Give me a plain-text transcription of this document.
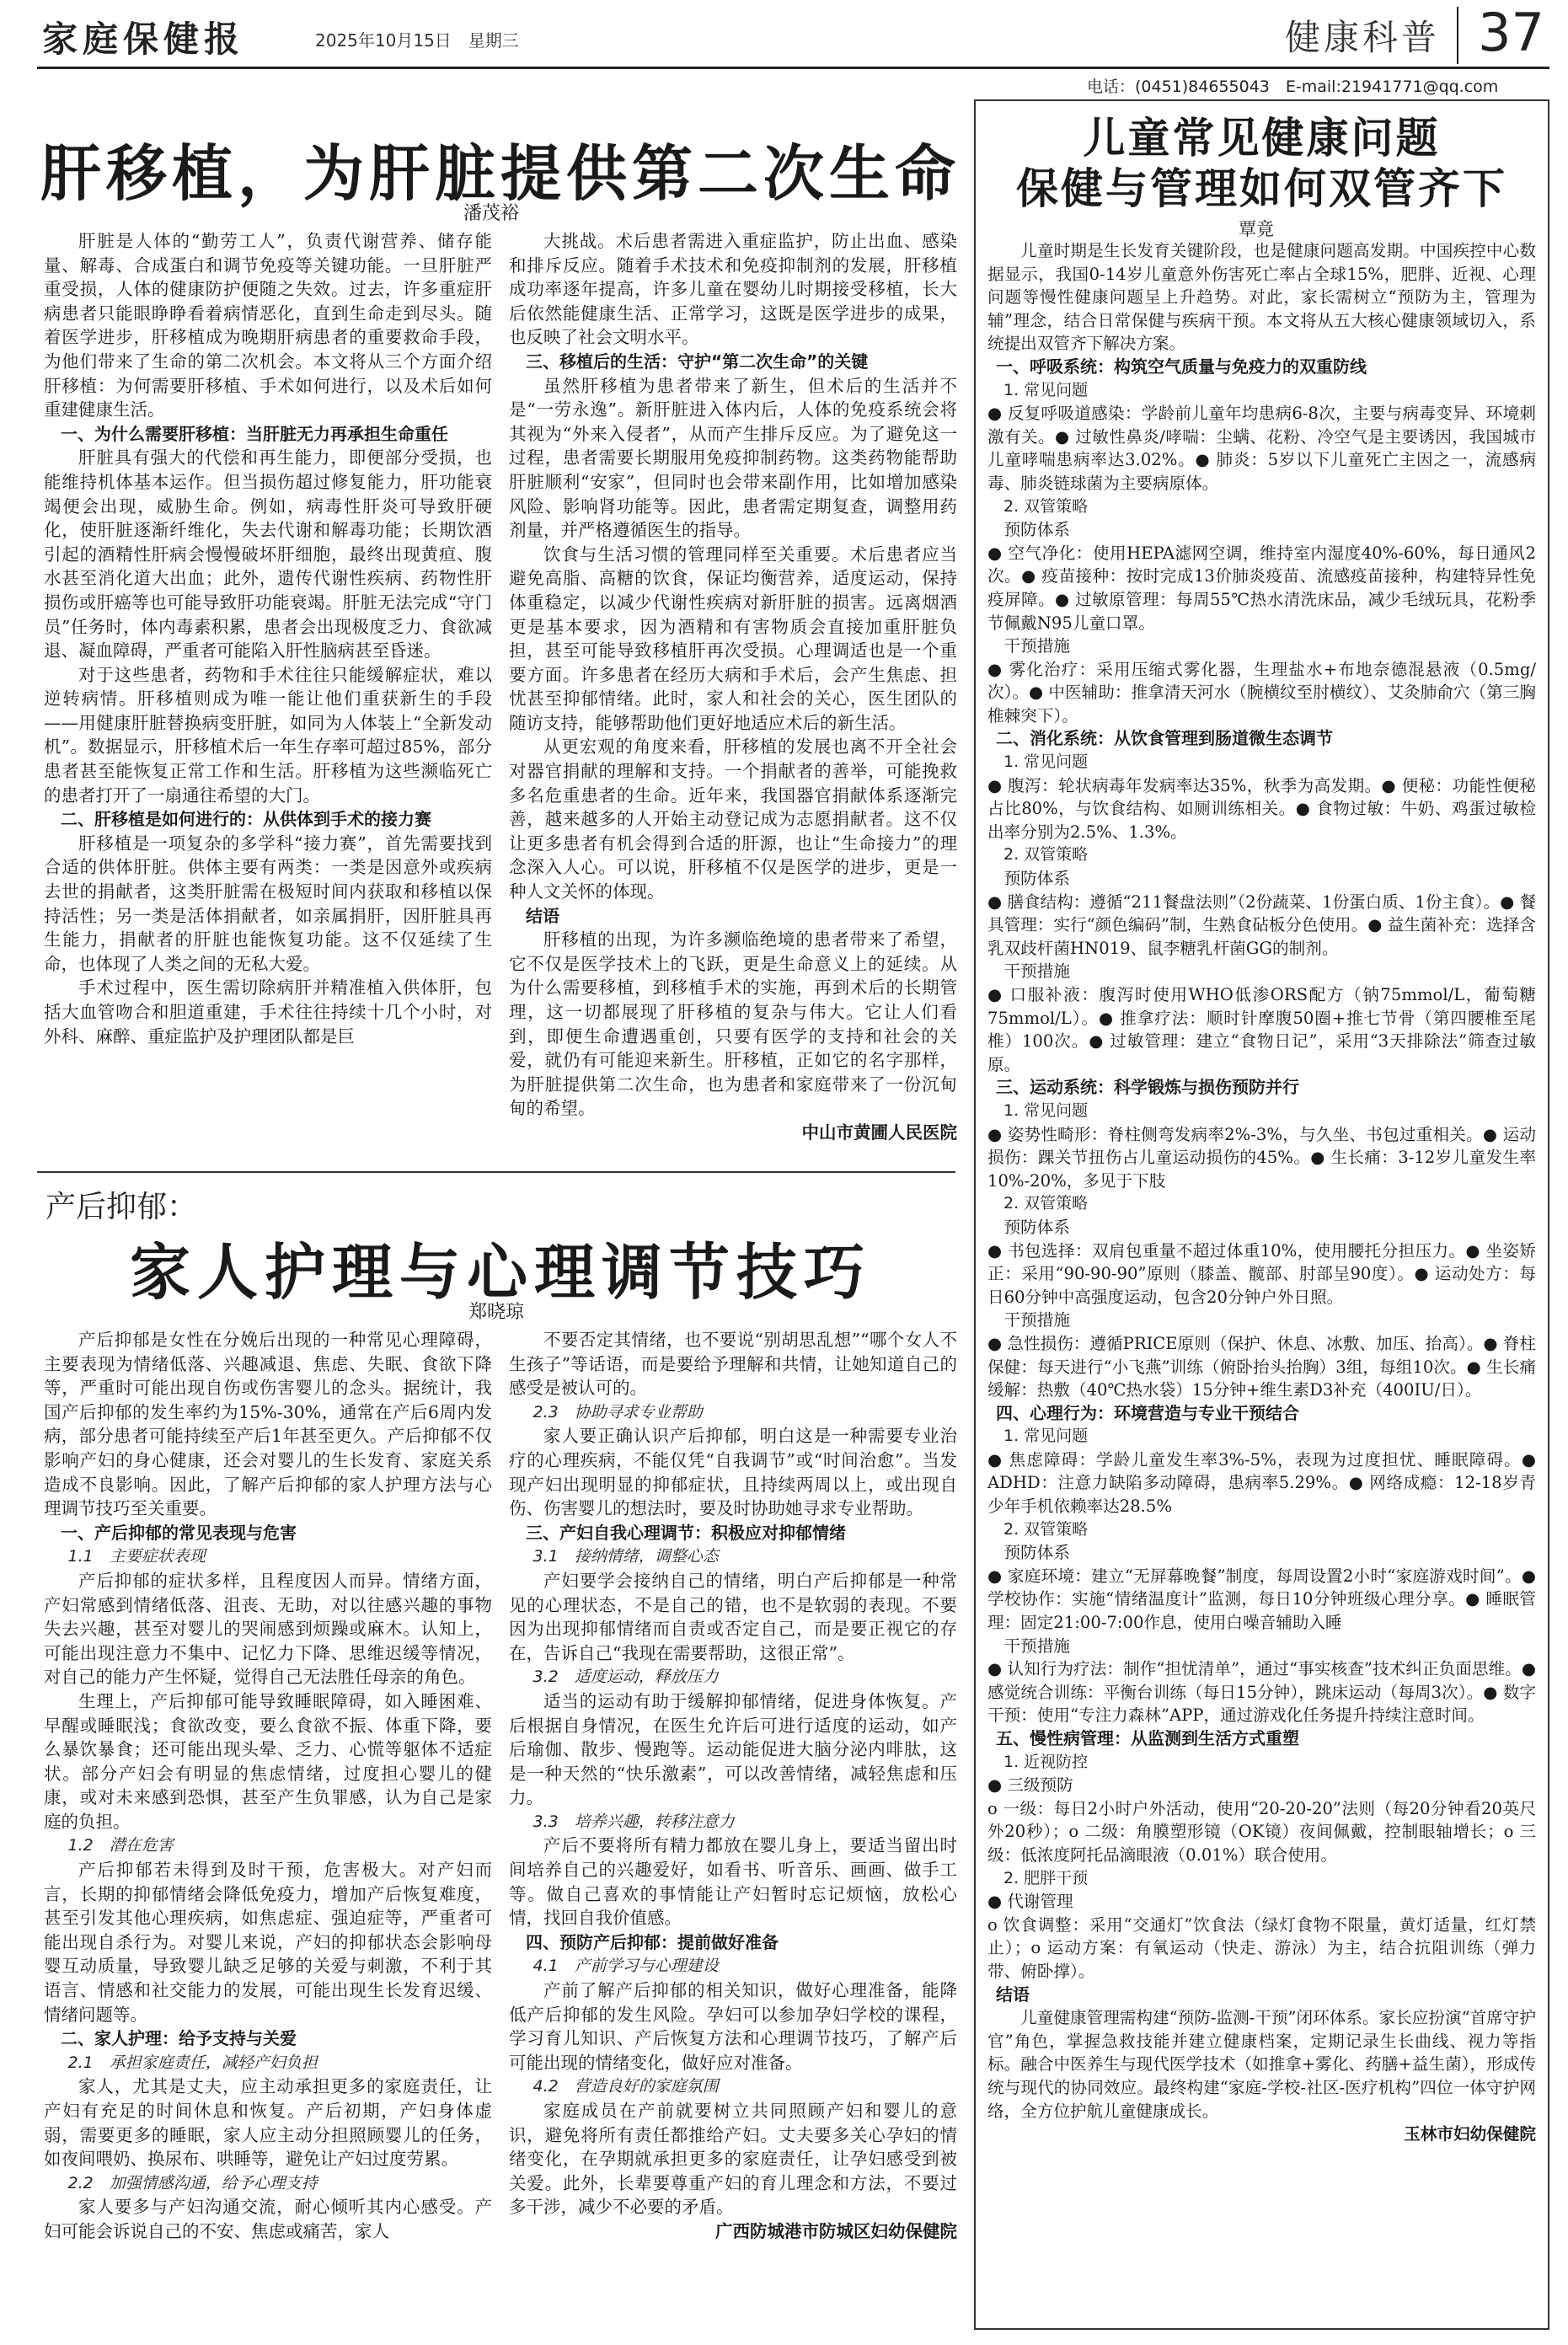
家庭保健报	2025年10月15日　星期三	健康科普 37
电话：(0451)84655043　E-mail:21941771@qq.com
肝移植，为肝脏提供第二次生命
潘茂裕

肝脏是人体的“勤劳工人”，负责代谢营养、储存能量、解毒、合成蛋白和调节免疫等关键功能。一旦肝脏严重受损，人体的健康防护便随之失效。过去，许多重症肝病患者只能眼睁睁看着病情恶化，直到生命走到尽头。随着医学进步，肝移植成为晚期肝病患者的重要救命手段，为他们带来了生命的第二次机会。本文将从三个方面介绍肝移植：为何需要肝移植、手术如何进行，以及术后如何重建健康生活。

一、为什么需要肝移植：当肝脏无力再承担生命重任

肝脏具有强大的代偿和再生能力，即便部分受损，也能维持机体基本运作。但当损伤超过修复能力，肝功能衰竭便会出现，威胁生命。例如，病毒性肝炎可导致肝硬化，使肝脏逐渐纤维化，失去代谢和解毒功能；长期饮酒引起的酒精性肝病会慢慢破坏肝细胞，最终出现黄疸、腹水甚至消化道大出血；此外，遗传代谢性疾病、药物性肝损伤或肝癌等也可能导致肝功能衰竭。肝脏无法完成“守门员”任务时，体内毒素积累，患者会出现极度乏力、食欲减退、凝血障碍，严重者可能陷入肝性脑病甚至昏迷。

对于这些患者，药物和手术往往只能缓解症状，难以逆转病情。肝移植则成为唯一能让他们重获新生的手段——用健康肝脏替换病变肝脏，如同为人体装上“全新发动机”。数据显示，肝移植术后一年生存率可超过85%，部分患者甚至能恢复正常工作和生活。肝移植为这些濒临死亡的患者打开了一扇通往希望的大门。

二、肝移植是如何进行的：从供体到手术的接力赛

肝移植是一项复杂的多学科“接力赛”，首先需要找到合适的供体肝脏。供体主要有两类：一类是因意外或疾病去世的捐献者，这类肝脏需在极短时间内获取和移植以保持活性；另一类是活体捐献者，如亲属捐肝，因肝脏具再生能力，捐献者的肝脏也能恢复功能。这不仅延续了生命，也体现了人类之间的无私大爱。

手术过程中，医生需切除病肝并精准植入供体肝，包括大血管吻合和胆道重建，手术往往持续十几个小时，对外科、麻醉、重症监护及护理团队都是巨

大挑战。术后患者需进入重症监护，防止出血、感染和排斥反应。随着手术技术和免疫抑制剂的发展，肝移植成功率逐年提高，许多儿童在婴幼儿时期接受移植，长大后依然能健康生活、正常学习，这既是医学进步的成果，也反映了社会文明水平。

三、移植后的生活：守护“第二次生命”的关键

虽然肝移植为患者带来了新生，但术后的生活并不是“一劳永逸”。新肝脏进入体内后，人体的免疫系统会将其视为“外来入侵者”，从而产生排斥反应。为了避免这一过程，患者需要长期服用免疫抑制药物。这类药物能帮助肝脏顺利“安家”，但同时也会带来副作用，比如增加感染风险、影响肾功能等。因此，患者需定期复查，调整用药剂量，并严格遵循医生的指导。

饮食与生活习惯的管理同样至关重要。术后患者应当避免高脂、高糖的饮食，保证均衡营养，适度运动，保持体重稳定，以减少代谢性疾病对新肝脏的损害。远离烟酒更是基本要求，因为酒精和有害物质会直接加重肝脏负担，甚至可能导致移植肝再次受损。心理调适也是一个重要方面。许多患者在经历大病和手术后，会产生焦虑、担忧甚至抑郁情绪。此时，家人和社会的关心，医生团队的随访支持，能够帮助他们更好地适应术后的新生活。

从更宏观的角度来看，肝移植的发展也离不开全社会对器官捐献的理解和支持。一个捐献者的善举，可能挽救多名危重患者的生命。近年来，我国器官捐献体系逐渐完善，越来越多的人开始主动登记成为志愿捐献者。这不仅让更多患者有机会得到合适的肝源，也让“生命接力”的理念深入人心。可以说，肝移植不仅是医学的进步，更是一种人文关怀的体现。

结语

肝移植的出现，为许多濒临绝境的患者带来了希望，它不仅是医学技术上的飞跃，更是生命意义上的延续。从为什么需要移植，到移植手术的实施，再到术后的长期管理，这一切都展现了肝移植的复杂与伟大。它让人们看到，即便生命遭遇重创，只要有医学的支持和社会的关爱，就仍有可能迎来新生。肝移植，正如它的名字那样，为肝脏提供第二次生命，也为患者和家庭带来了一份沉甸甸的希望。

中山市黄圃人民医院

产后抑郁：
家人护理与心理调节技巧
郑晓琼

产后抑郁是女性在分娩后出现的一种常见心理障碍，主要表现为情绪低落、兴趣减退、焦虑、失眠、食欲下降等，严重时可能出现自伤或伤害婴儿的念头。据统计，我国产后抑郁的发生率约为15%-30%，通常在产后6周内发病，部分患者可能持续至产后1年甚至更久。产后抑郁不仅影响产妇的身心健康，还会对婴儿的生长发育、家庭关系造成不良影响。因此，了解产后抑郁的家人护理方法与心理调节技巧至关重要。

一、产后抑郁的常见表现与危害

1.1　主要症状表现

产后抑郁的症状多样，且程度因人而异。情绪方面，产妇常感到情绪低落、沮丧、无助，对以往感兴趣的事物失去兴趣，甚至对婴儿的哭闹感到烦躁或麻木。认知上，可能出现注意力不集中、记忆力下降、思维迟缓等情况，对自己的能力产生怀疑，觉得自己无法胜任母亲的角色。

生理上，产后抑郁可能导致睡眠障碍，如入睡困难、早醒或睡眠浅；食欲改变，要么食欲不振、体重下降，要么暴饮暴食；还可能出现头晕、乏力、心慌等躯体不适症状。部分产妇会有明显的焦虑情绪，过度担心婴儿的健康，或对未来感到恐惧，甚至产生负罪感，认为自己是家庭的负担。

1.2　潜在危害

产后抑郁若未得到及时干预，危害极大。对产妇而言，长期的抑郁情绪会降低免疫力，增加产后恢复难度，甚至引发其他心理疾病，如焦虑症、强迫症等，严重者可能出现自杀行为。对婴儿来说，产妇的抑郁状态会影响母婴互动质量，导致婴儿缺乏足够的关爱与刺激，不利于其语言、情感和社交能力的发展，可能出现生长发育迟缓、情绪问题等。

二、家人护理：给予支持与关爱

2.1　承担家庭责任，减轻产妇负担

家人，尤其是丈夫，应主动承担更多的家庭责任，让产妇有充足的时间休息和恢复。产后初期，产妇身体虚弱，需要更多的睡眠，家人应主动分担照顾婴儿的任务，如夜间喂奶、换尿布、哄睡等，避免让产妇过度劳累。

2.2　加强情感沟通，给予心理支持

家人要多与产妇沟通交流，耐心倾听其内心感受。产妇可能会诉说自己的不安、焦虑或痛苦，家人

不要否定其情绪，也不要说“别胡思乱想”“哪个女人不生孩子”等话语，而是要给予理解和共情，让她知道自己的感受是被认可的。

2.3　协助寻求专业帮助

家人要正确认识产后抑郁，明白这是一种需要专业治疗的心理疾病，不能仅凭“自我调节”或“时间治愈”。当发现产妇出现明显的抑郁症状，且持续两周以上，或出现自伤、伤害婴儿的想法时，要及时协助她寻求专业帮助。

三、产妇自我心理调节：积极应对抑郁情绪

3.1　接纳情绪，调整心态

产妇要学会接纳自己的情绪，明白产后抑郁是一种常见的心理状态，不是自己的错，也不是软弱的表现。不要因为出现抑郁情绪而自责或否定自己，而是要正视它的存在，告诉自己“我现在需要帮助，这很正常”。

3.2　适度运动，释放压力

适当的运动有助于缓解抑郁情绪，促进身体恢复。产后根据自身情况，在医生允许后可进行适度的运动，如产后瑜伽、散步、慢跑等。运动能促进大脑分泌内啡肽，这是一种天然的“快乐激素”，可以改善情绪，减轻焦虑和压力。

3.3　培养兴趣，转移注意力

产后不要将所有精力都放在婴儿身上，要适当留出时间培养自己的兴趣爱好，如看书、听音乐、画画、做手工等。做自己喜欢的事情能让产妇暂时忘记烦恼，放松心情，找回自我价值感。

四、预防产后抑郁：提前做好准备

4.1　产前学习与心理建设

产前了解产后抑郁的相关知识，做好心理准备，能降低产后抑郁的发生风险。孕妇可以参加孕妇学校的课程，学习育儿知识、产后恢复方法和心理调节技巧，了解产后可能出现的情绪变化，做好应对准备。

4.2　营造良好的家庭氛围

家庭成员在产前就要树立共同照顾产妇和婴儿的意识，避免将所有责任都推给产妇。丈夫要多关心孕妇的情绪变化，在孕期就承担更多的家庭责任，让孕妇感受到被关爱。此外，长辈要尊重产妇的育儿理念和方法，不要过多干涉，减少不必要的矛盾。

广西防城港市防城区妇幼保健院

儿童常见健康问题
保健与管理如何双管齐下
覃竟

儿童时期是生长发育关键阶段，也是健康问题高发期。中国疾控中心数据显示，我国0-14岁儿童意外伤害死亡率占全球15%，肥胖、近视、心理问题等慢性健康问题呈上升趋势。对此，家长需树立“预防为主，管理为辅”理念，结合日常保健与疾病干预。本文将从五大核心健康领域切入，系统提出双管齐下解决方案。

一、呼吸系统：构筑空气质量与免疫力的双重防线

1. 常见问题

● 反复呼吸道感染：学龄前儿童年均患病6-8次，主要与病毒变异、环境刺激有关。● 过敏性鼻炎/哮喘：尘螨、花粉、冷空气是主要诱因，我国城市儿童哮喘患病率达3.02%。● 肺炎：5岁以下儿童死亡主因之一，流感病毒、肺炎链球菌为主要病原体。

2. 双管策略

预防体系

● 空气净化：使用HEPA滤网空调，维持室内湿度40%-60%，每日通风2次。● 疫苗接种：按时完成13价肺炎疫苗、流感疫苗接种，构建特异性免疫屏障。● 过敏原管理：每周55℃热水清洗床品，减少毛绒玩具，花粉季节佩戴N95儿童口罩。

干预措施

● 雾化治疗：采用压缩式雾化器，生理盐水+布地奈德混悬液（0.5mg/次）。● 中医辅助：推拿清天河水（腕横纹至肘横纹）、艾灸肺俞穴（第三胸椎棘突下）。

二、消化系统：从饮食管理到肠道微生态调节

1. 常见问题

● 腹泻：轮状病毒年发病率达35%，秋季为高发期。● 便秘：功能性便秘占比80%，与饮食结构、如厕训练相关。● 食物过敏：牛奶、鸡蛋过敏检出率分别为2.5%、1.3%。

2. 双管策略

预防体系

● 膳食结构：遵循“211餐盘法则”（2份蔬菜、1份蛋白质、1份主食）。● 餐具管理：实行“颜色编码”制，生熟食砧板分色使用。● 益生菌补充：选择含乳双歧杆菌HN019、鼠李糖乳杆菌GG的制剂。

干预措施

● 口服补液：腹泻时使用WHO低渗ORS配方（钠75mmol/L，葡萄糖75mmol/L）。● 推拿疗法：顺时针摩腹50圈+推七节骨（第四腰椎至尾椎）100次。● 过敏管理：建立“食物日记”，采用“3天排除法”筛查过敏原。

三、运动系统：科学锻炼与损伤预防并行

1. 常见问题

● 姿势性畸形：脊柱侧弯发病率2%-3%，与久坐、书包过重相关。● 运动损伤：踝关节扭伤占儿童运动损伤的45%。● 生长痛：3-12岁儿童发生率10%-20%，多见于下肢

2. 双管策略

预防体系

● 书包选择：双肩包重量不超过体重10%，使用腰托分担压力。● 坐姿矫正：采用“90-90-90”原则（膝盖、髋部、肘部呈90度）。● 运动处方：每日60分钟中高强度运动，包含20分钟户外日照。

干预措施

● 急性损伤：遵循PRICE原则（保护、休息、冰敷、加压、抬高）。● 脊柱保健：每天进行“小飞燕”训练（俯卧抬头抬胸）3组，每组10次。● 生长痛缓解：热敷（40℃热水袋）15分钟+维生素D3补充（400IU/日）。

四、心理行为：环境营造与专业干预结合

1. 常见问题

● 焦虑障碍：学龄儿童发生率3%-5%，表现为过度担忧、睡眠障碍。● ADHD：注意力缺陷多动障碍，患病率5.29%。● 网络成瘾：12-18岁青少年手机依赖率达28.5%

2. 双管策略

预防体系

● 家庭环境：建立“无屏幕晚餐”制度，每周设置2小时“家庭游戏时间”。● 学校协作：实施“情绪温度计”监测，每日10分钟班级心理分享。● 睡眠管理：固定21:00-7:00作息，使用白噪音辅助入睡

干预措施

● 认知行为疗法：制作“担忧清单”，通过“事实核查”技术纠正负面思维。● 感觉统合训练：平衡台训练（每日15分钟），跳床运动（每周3次）。● 数字干预：使用“专注力森林”APP，通过游戏化任务提升持续注意时间。

五、慢性病管理：从监测到生活方式重塑

1. 近视防控

● 三级预防

o 一级：每日2小时户外活动，使用“20-20-20”法则（每20分钟看20英尺外20秒）；o 二级：角膜塑形镜（OK镜）夜间佩戴，控制眼轴增长；o 三级：低浓度阿托品滴眼液（0.01%）联合使用。

2. 肥胖干预

● 代谢管理

o 饮食调整：采用“交通灯”饮食法（绿灯食物不限量，黄灯适量，红灯禁止）；o 运动方案：有氧运动（快走、游泳）为主，结合抗阻训练（弹力带、俯卧撑）。

结语

儿童健康管理需构建“预防-监测-干预”闭环体系。家长应扮演“首席守护官”角色，掌握急救技能并建立健康档案，定期记录生长曲线、视力等指标。融合中医养生与现代医学技术（如推拿+雾化、药膳+益生菌），形成传统与现代的协同效应。最终构建“家庭-学校-社区-医疗机构”四位一体守护网络，全方位护航儿童健康成长。

玉林市妇幼保健院
